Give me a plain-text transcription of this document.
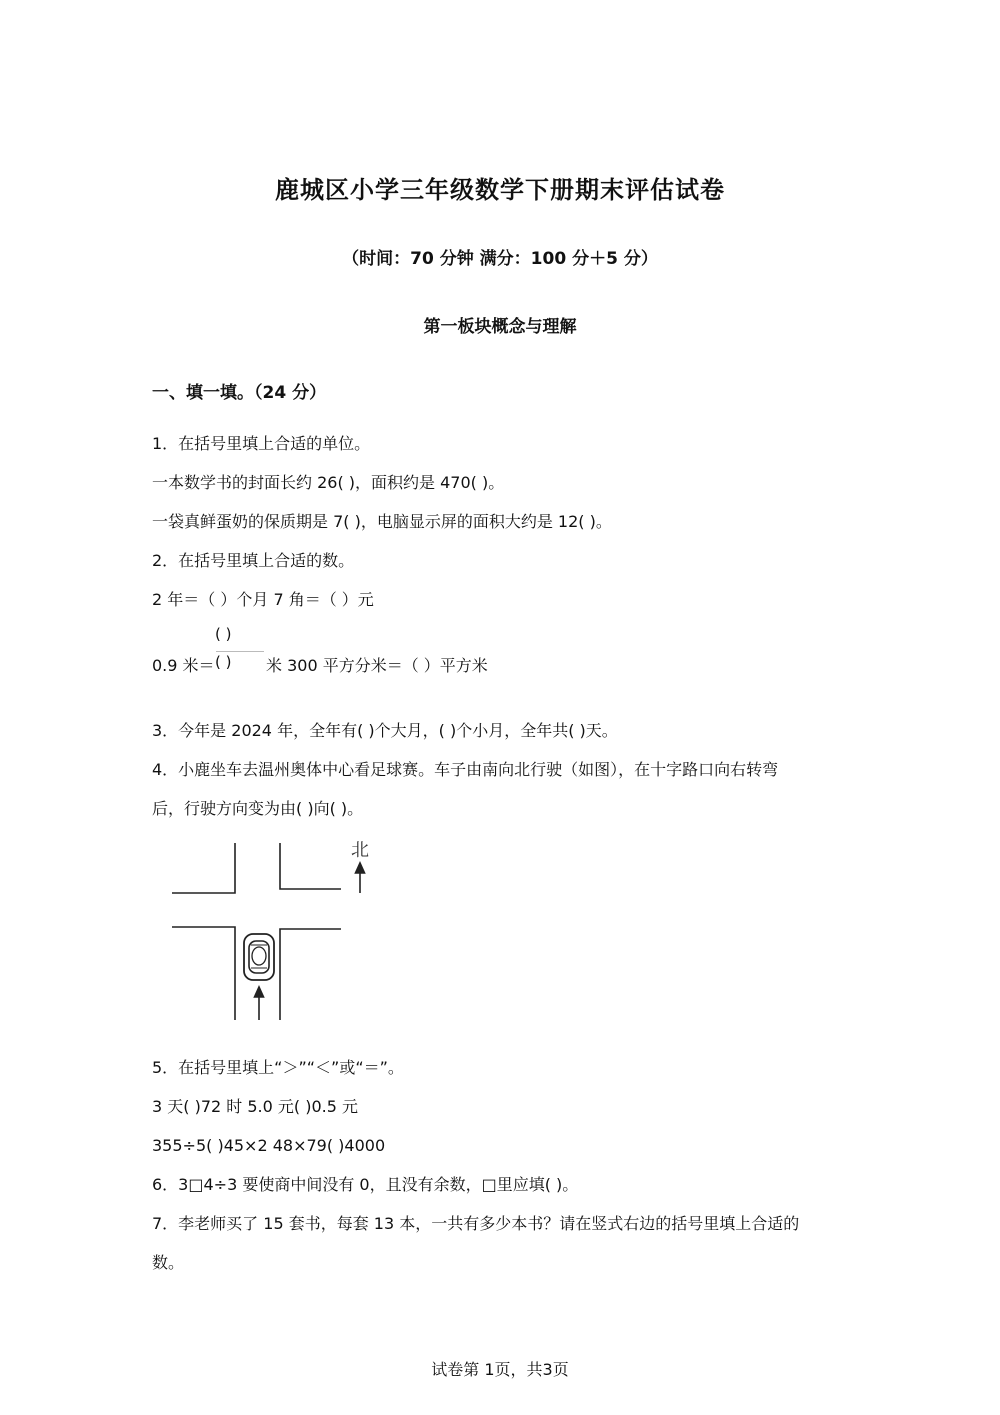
鹿城区小学三年级数学下册期末评估试卷
（时间：70 分钟 满分：100 分＋5 分）
第一板块概念与理解
一、填一填。（24 分）
1．在括号里填上合适的单位。
一本数学书的封面长约 26( )，面积约是 470( )。
一袋真鲜蛋奶的保质期是 7( )，电脑显示屏的面积大约是 12( )。
2．在括号里填上合适的数。
2 年＝（ ）个月 7 角＝（ ）元
( )
( )
0.9 米＝	米 300 平方分米＝（ ）平方米
3．今年是 2024 年，全年有( )个大月，( )个小月，全年共( )天。
4．小鹿坐车去温州奥体中心看足球赛。车子由南向北行驶（如图），在十字路口向右转弯
后，行驶方向变为由( )向( )。
北
5．在括号里填上“＞”“＜”或“＝”。
3 天( )72 时 5.0 元( )0.5 元
355÷5( )45×2 48×79( )4000
6．3□4÷3 要使商中间没有 0，且没有余数，□里应填( )。
7．李老师买了 15 套书，每套 13 本，一共有多少本书？请在竖式右边的括号里填上合适的
数。
试卷第 1页，共3页
